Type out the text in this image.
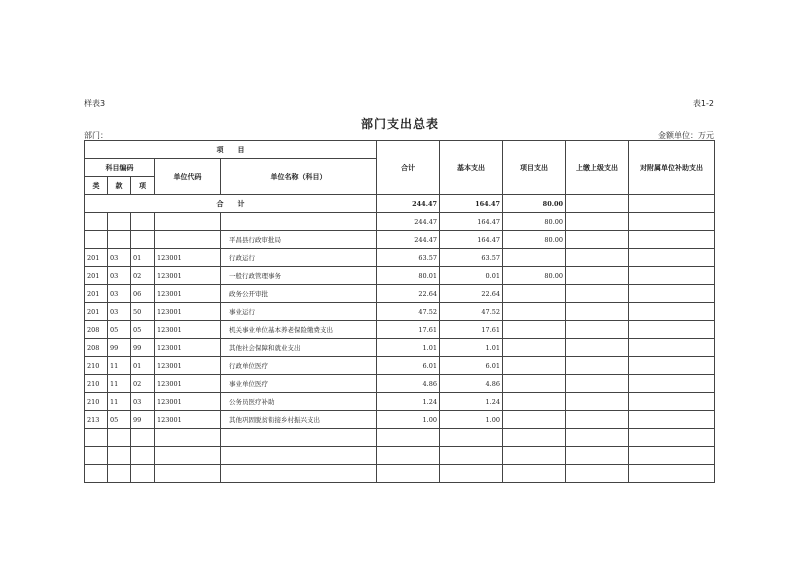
样表3	表1-2
部门支出总表
部门：	金额单位：万元
项　　目					合计	基本支出	项目支出	上缴上级支出	对附属单位补助支出
科目编码			单位代码	单位名称（科目）					
类	款	项							
合　　计					244.47	164.47	80.00		
					244.47	164.47	80.00		
				平昌县行政审批局	244.47	164.47	80.00		
201	03	01	123001	行政运行	63.57	63.57			
201	03	02	123001	一般行政管理事务	80.01	0.01	80.00		
201	03	06	123001	政务公开审批	22.64	22.64			
201	03	50	123001	事业运行	47.52	47.52			
208	05	05	123001	机关事业单位基本养老保险缴费支出	17.61	17.61			
208	99	99	123001	其他社会保障和就业支出	1.01	1.01			
210	11	01	123001	行政单位医疗	6.01	6.01			
210	11	02	123001	事业单位医疗	4.86	4.86			
210	11	03	123001	公务员医疗补助	1.24	1.24			
213	05	99	123001	其他巩固脱贫衔接乡村振兴支出	1.00	1.00			
